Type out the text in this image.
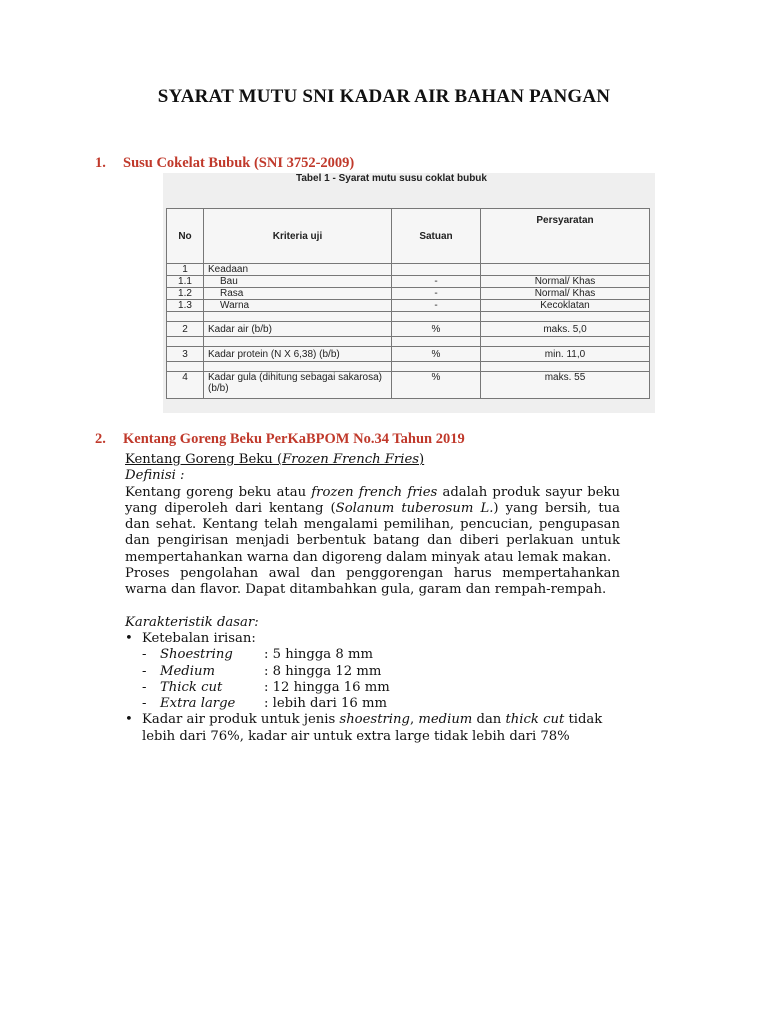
SYARAT MUTU SNI KADAR AIR BAHAN PANGAN
1. Susu Cokelat Bubuk (SNI 3752-2009)
Tabel 1 - Syarat mutu susu coklat bubuk
No	Kriteria uji	Satuan	Persyaratan
1	Keadaan		
1.1	Bau	-	Normal/ Khas
1.2	Rasa	-	Normal/ Khas
1.3	Warna	-	Kecoklatan

2	Kadar air (b/b)	%	maks. 5,0

3	Kadar protein (N X 6,38) (b/b)	%	min. 11,0

4	Kadar gula (dihitung sebagai sakarosa) (b/b)	%	maks. 55
2. Kentang Goreng Beku PerKaBPOM No.34 Tahun 2019
Kentang Goreng Beku (Frozen French Fries)
Definisi :

Kentang goreng beku atau frozen french fries adalah produk sayur beku yang diperoleh dari kentang (Solanum tuberosum L.) yang bersih, tua dan sehat. Kentang telah mengalami pemilihan, pencucian, pengupasan dan pengirisan menjadi berbentuk batang dan diberi perlakuan untuk mempertahankan warna dan digoreng dalam minyak atau lemak makan.

Proses pengolahan awal dan penggorengan harus mempertahankan warna dan flavor. Dapat ditambahkan gula, garam dan rempah-rempah.

Karakteristik dasar:
• Ketebalan irisan:
-	Shoestring	: 5 hingga 8 mm
-	Medium	: 8 hingga 12 mm
-	Thick cut	: 12 hingga 16 mm
-	Extra large	: lebih dari 16 mm
• Kadar air produk untuk jenis shoestring, medium dan thick cut tidak lebih dari 76%, kadar air untuk extra large tidak lebih dari 78%
